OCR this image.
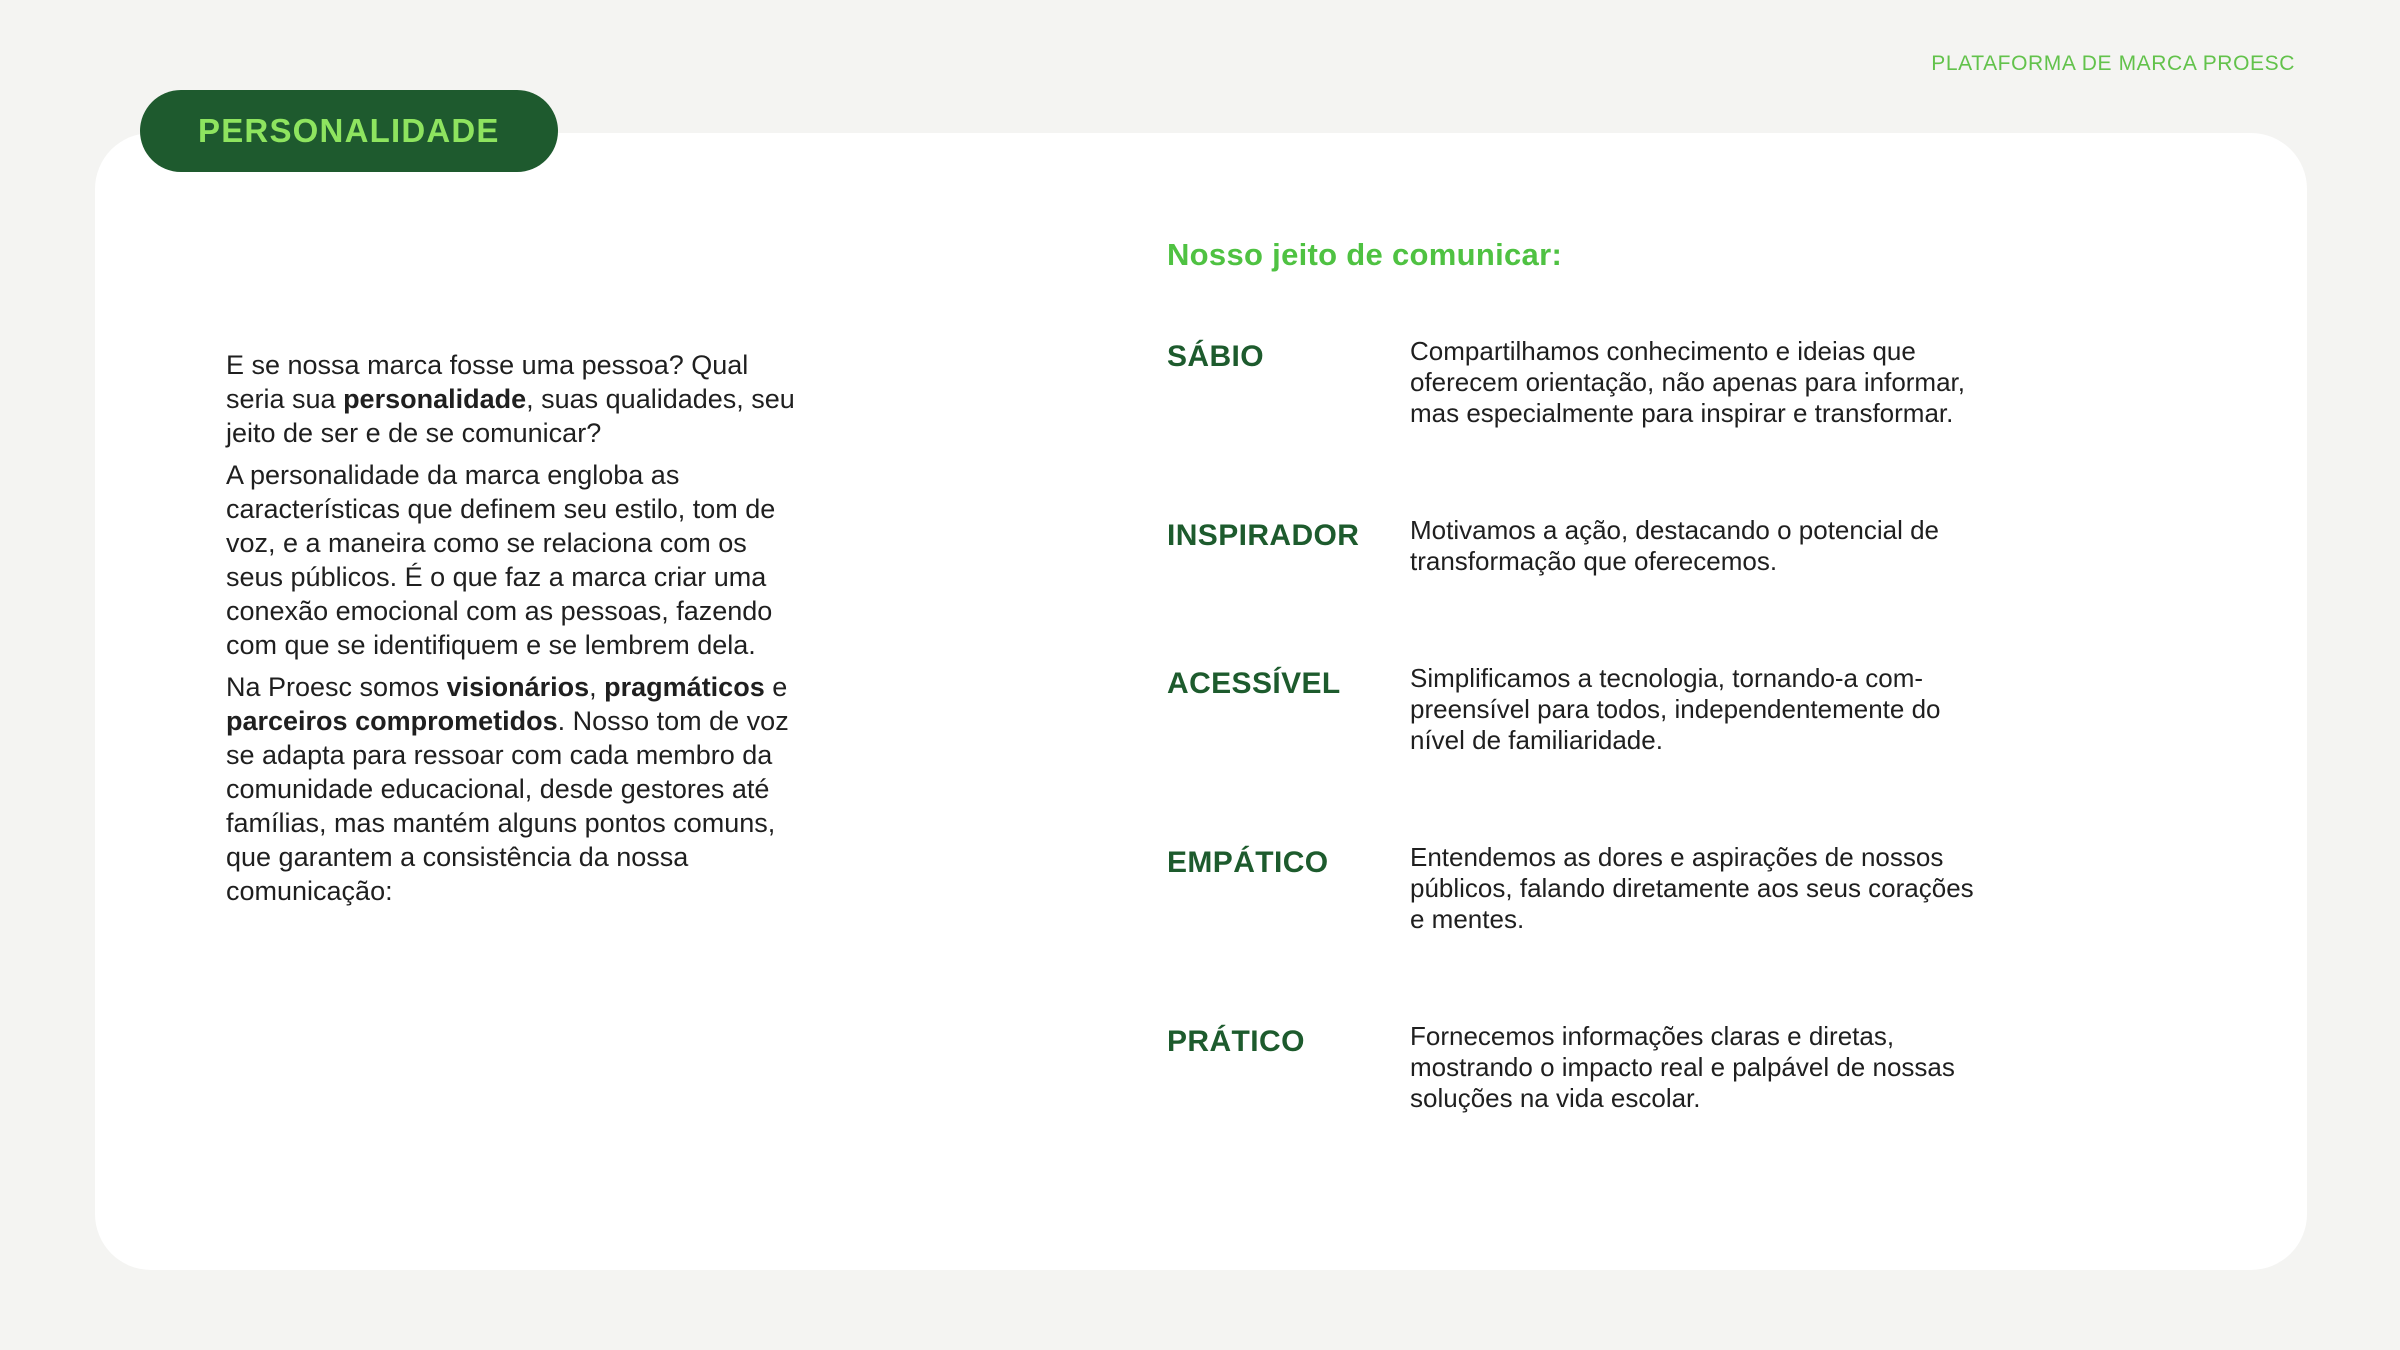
PLATAFORMA DE MARCA PROESC
PERSONALIDADE

E se nossa marca fosse uma pessoa? Qual seria sua personalidade, suas qualidades, seu jeito de ser e de se comunicar?

A personalidade da marca engloba as características que definem seu estilo, tom de voz, e a maneira como se relaciona com os seus públicos. É o que faz a marca criar uma conexão emocional com as pessoas, fazendo com que se identifiquem e se lembrem dela.

Na Proesc somos visionários, pragmáticos e parceiros comprometidos. Nosso tom de voz se adapta para ressoar com cada membro da comunidade educacional, desde gestores até famílias, mas mantém alguns pontos comuns, que garantem a consistência da nossa comunicação:

Nosso jeito de comunicar:
SÁBIO	Compartilhamos conhecimento e ideias que oferecem orientação, não apenas para informar, mas especialmente para inspirar e transformar.
INSPIRADOR	Motivamos a ação, destacando o potencial de transformação que oferecemos.
ACESSÍVEL	Simplificamos a tecnologia, tornando-a com-preensível para todos, independentemente do nível de familiaridade.
EMPÁTICO	Entendemos as dores e aspirações de nossos públicos, falando diretamente aos seus corações e mentes.
PRÁTICO	Fornecemos informações claras e diretas, mostrando o impacto real e palpável de nossas soluções na vida escolar.
